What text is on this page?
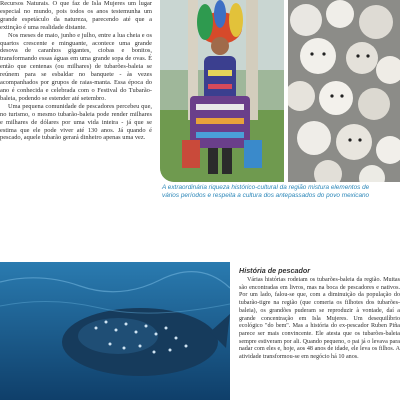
Recursos Naturais. O que faz de Isla Mujeres um lugar especial no mundo, pois todos os anos testemunha um grande espetáculo da natureza, parecendo até que a extinção é uma realidade distante.

Nos meses de maio, junho e julho, entre a lua cheia e os quartos crescente e minguante, acontece uma grande desova de caranhos gigantes, ciobas e bonitos, transformando essas águas em uma grande sopa de ovas. É então que centenas (ou milhares) de tubarões-baleia se reúnem para se esbaldar no banquete - às vezes acompanhados por grupos de raias-manta. Essa época do ano é conhecida e celebrada com o Festival do Tubarão-baleia, podendo se estender até setembro.

Uma pequena comunidade de pescadores percebeu que, no turismo, o mesmo tubarão-baleia pode render milhares e milhares de dólares por uma vida inteira - já que se estima que ele pode viver até 130 anos. Já quando é pescado, aquele tubarão gerará dinheiro apenas uma vez.

A extraordinária riqueza histórico-cultural da região mistura elementos de vários períodos e respeita a cultura dos antepassados do povo mexicano
História de pescador

Várias histórias rodeiam os tubarões-baleia da região. Muitas são encontradas em livros, mas na boca de pescadores e nativos. Por um lado, falou-se que, com a diminuição da população do tubarão-tigre na região (que comeria os filhotes dos tubarões-baleia), os grandões puderam se reproduzir à vontade, daí a grande concentração em Isla Mujeres. Um desequilíbrio ecológico "do bem". Mas a história do ex-pescador Ruben Piña parece ser mais convincente. Ele atesta que os tubarões-baleia sempre estiveram por ali. Quando pequeno, o pai já o levava para nadar com eles e, hoje, aos 48 anos de idade, ele leva os filhos. A atividade transformou-se em negócio há 10 anos.
